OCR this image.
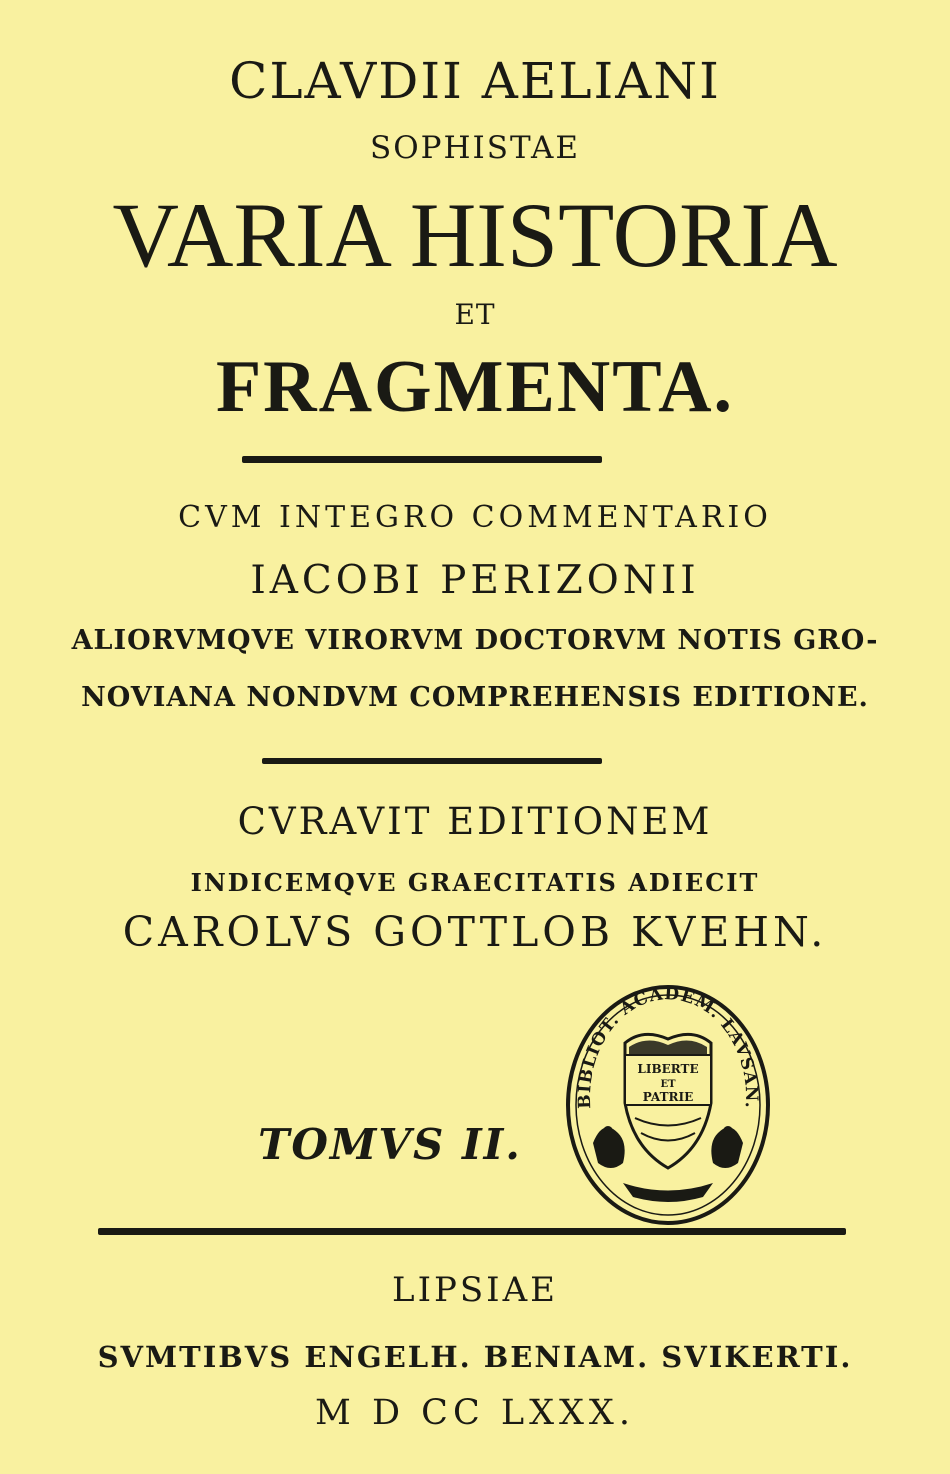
CLAVDII AELIANI
SOPHISTAE
VARIA HISTORIA
ET
FRAGMENTA.
CVM INTEGRO COMMENTARIO
IACOBI PERIZONII
ALIORVMQVE VIRORVM DOCTORVM NOTIS GRO-
NOVIANA NONDVM COMPREHENSIS EDITIONE.
CVRAVIT EDITIONEM
INDICEMQVE GRAECITATIS ADIECIT
CAROLVS GOTTLOB KVEHN.
TOMVS II.
BIBLIOT. ACADEM. LAVSAN.
LIBERTE
ET
PATRIE
LIPSIAE
SVMTIBVS ENGELH. BENIAM. SVIKERTI.
M D CC LXXX.
